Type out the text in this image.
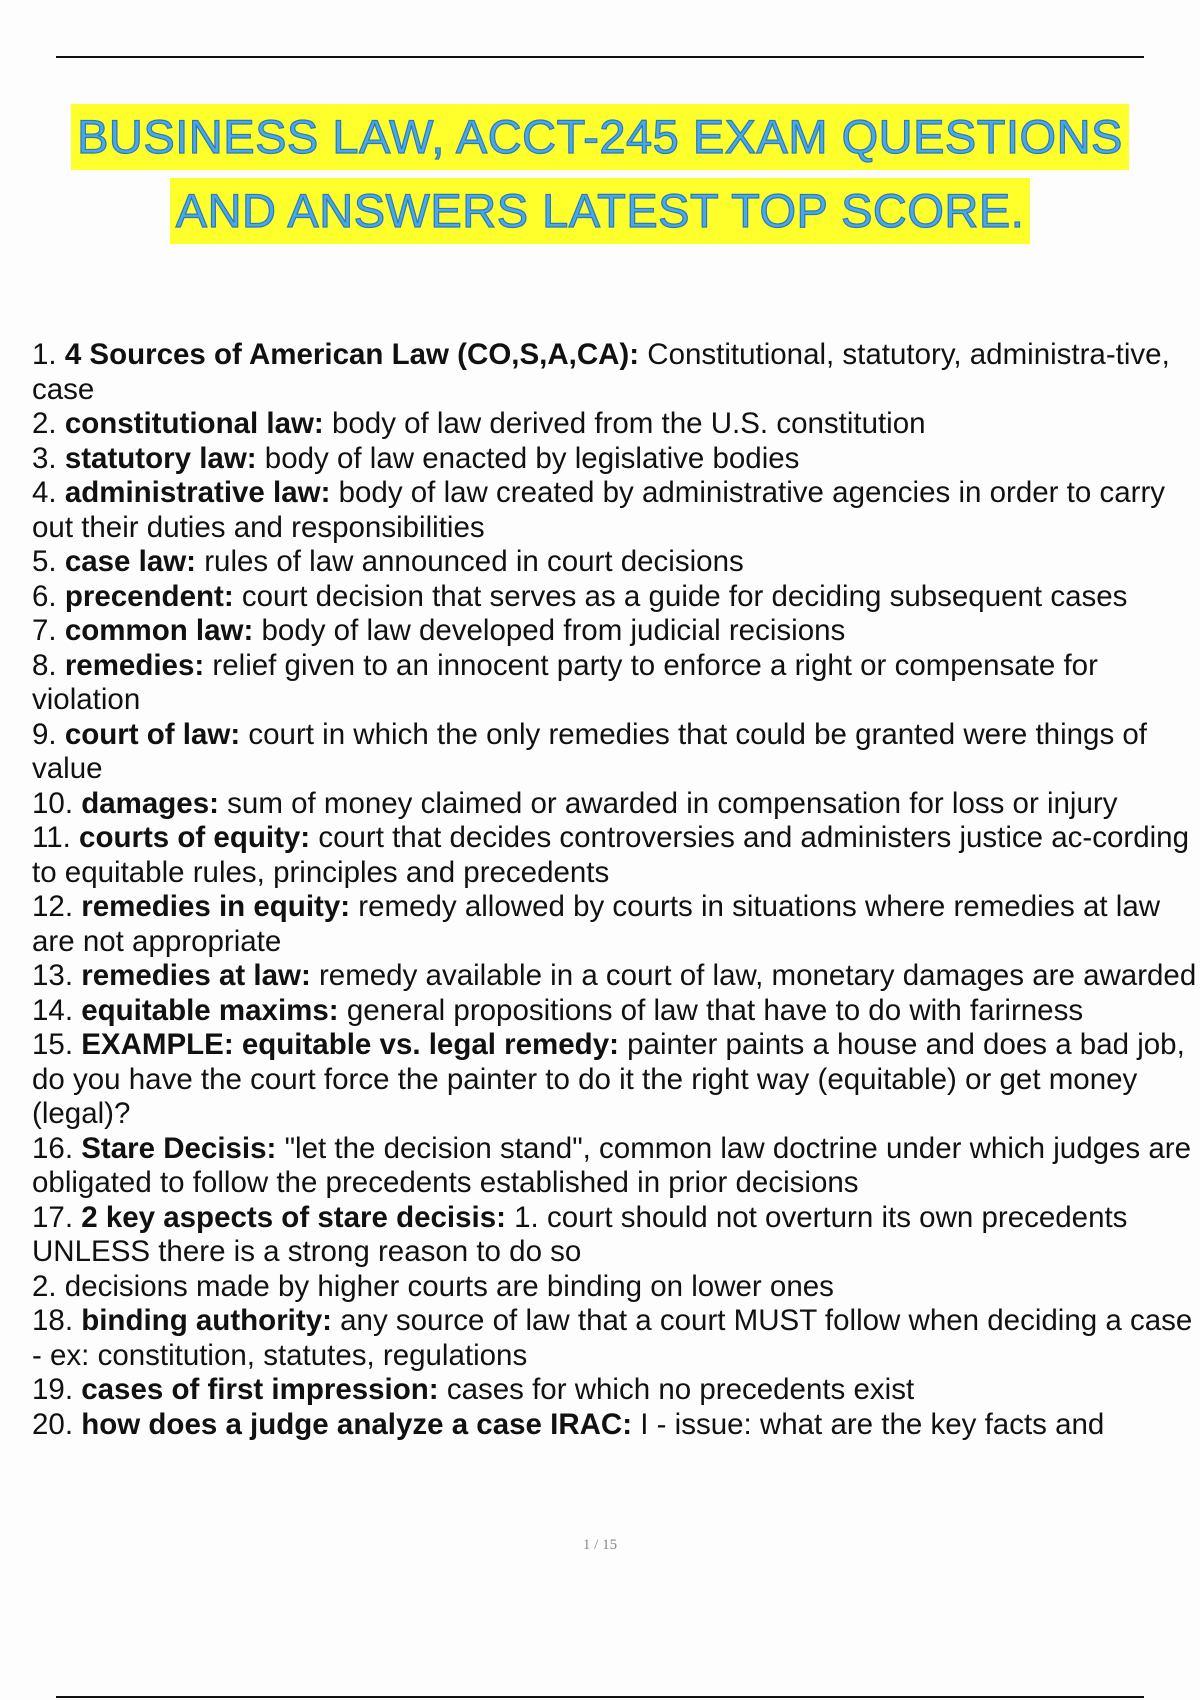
BUSINESS LAW, ACCT-245 EXAM QUESTIONS
AND ANSWERS LATEST TOP SCORE.

1. 4 Sources of American Law (CO,S,A,CA): Constitutional, statutory, administra-tive, case

2. constitutional law: body of law derived from the U.S. constitution

3. statutory law: body of law enacted by legislative bodies

4. administrative law: body of law created by administrative agencies in order to carry out their duties and responsibilities

5. case law: rules of law announced in court decisions

6. precendent: court decision that serves as a guide for deciding subsequent cases

7. common law: body of law developed from judicial recisions

8. remedies: relief given to an innocent party to enforce a right or compensate for violation

9. court of law: court in which the only remedies that could be granted were things of value

10. damages: sum of money claimed or awarded in compensation for loss or injury

11. courts of equity: court that decides controversies and administers justice ac-cording to equitable rules, principles and precedents

12. remedies in equity: remedy allowed by courts in situations where remedies at law are not appropriate

13. remedies at law: remedy available in a court of law, monetary damages are awarded

14. equitable maxims: general propositions of law that have to do with farirness

15. EXAMPLE: equitable vs. legal remedy: painter paints a house and does a bad job, do you have the court force the painter to do it the right way (equitable) or get money (legal)?

16. Stare Decisis: "let the decision stand", common law doctrine under which judges are obligated to follow the precedents established in prior decisions

17. 2 key aspects of stare decisis: 1. court should not overturn its own precedents UNLESS there is a strong reason to do so

2. decisions made by higher courts are binding on lower ones

18. binding authority: any source of law that a court MUST follow when deciding a case - ex: constitution, statutes, regulations

19. cases of first impression: cases for which no precedents exist

20. how does a judge analyze a case IRAC: I - issue: what are the key facts and

1 / 15
